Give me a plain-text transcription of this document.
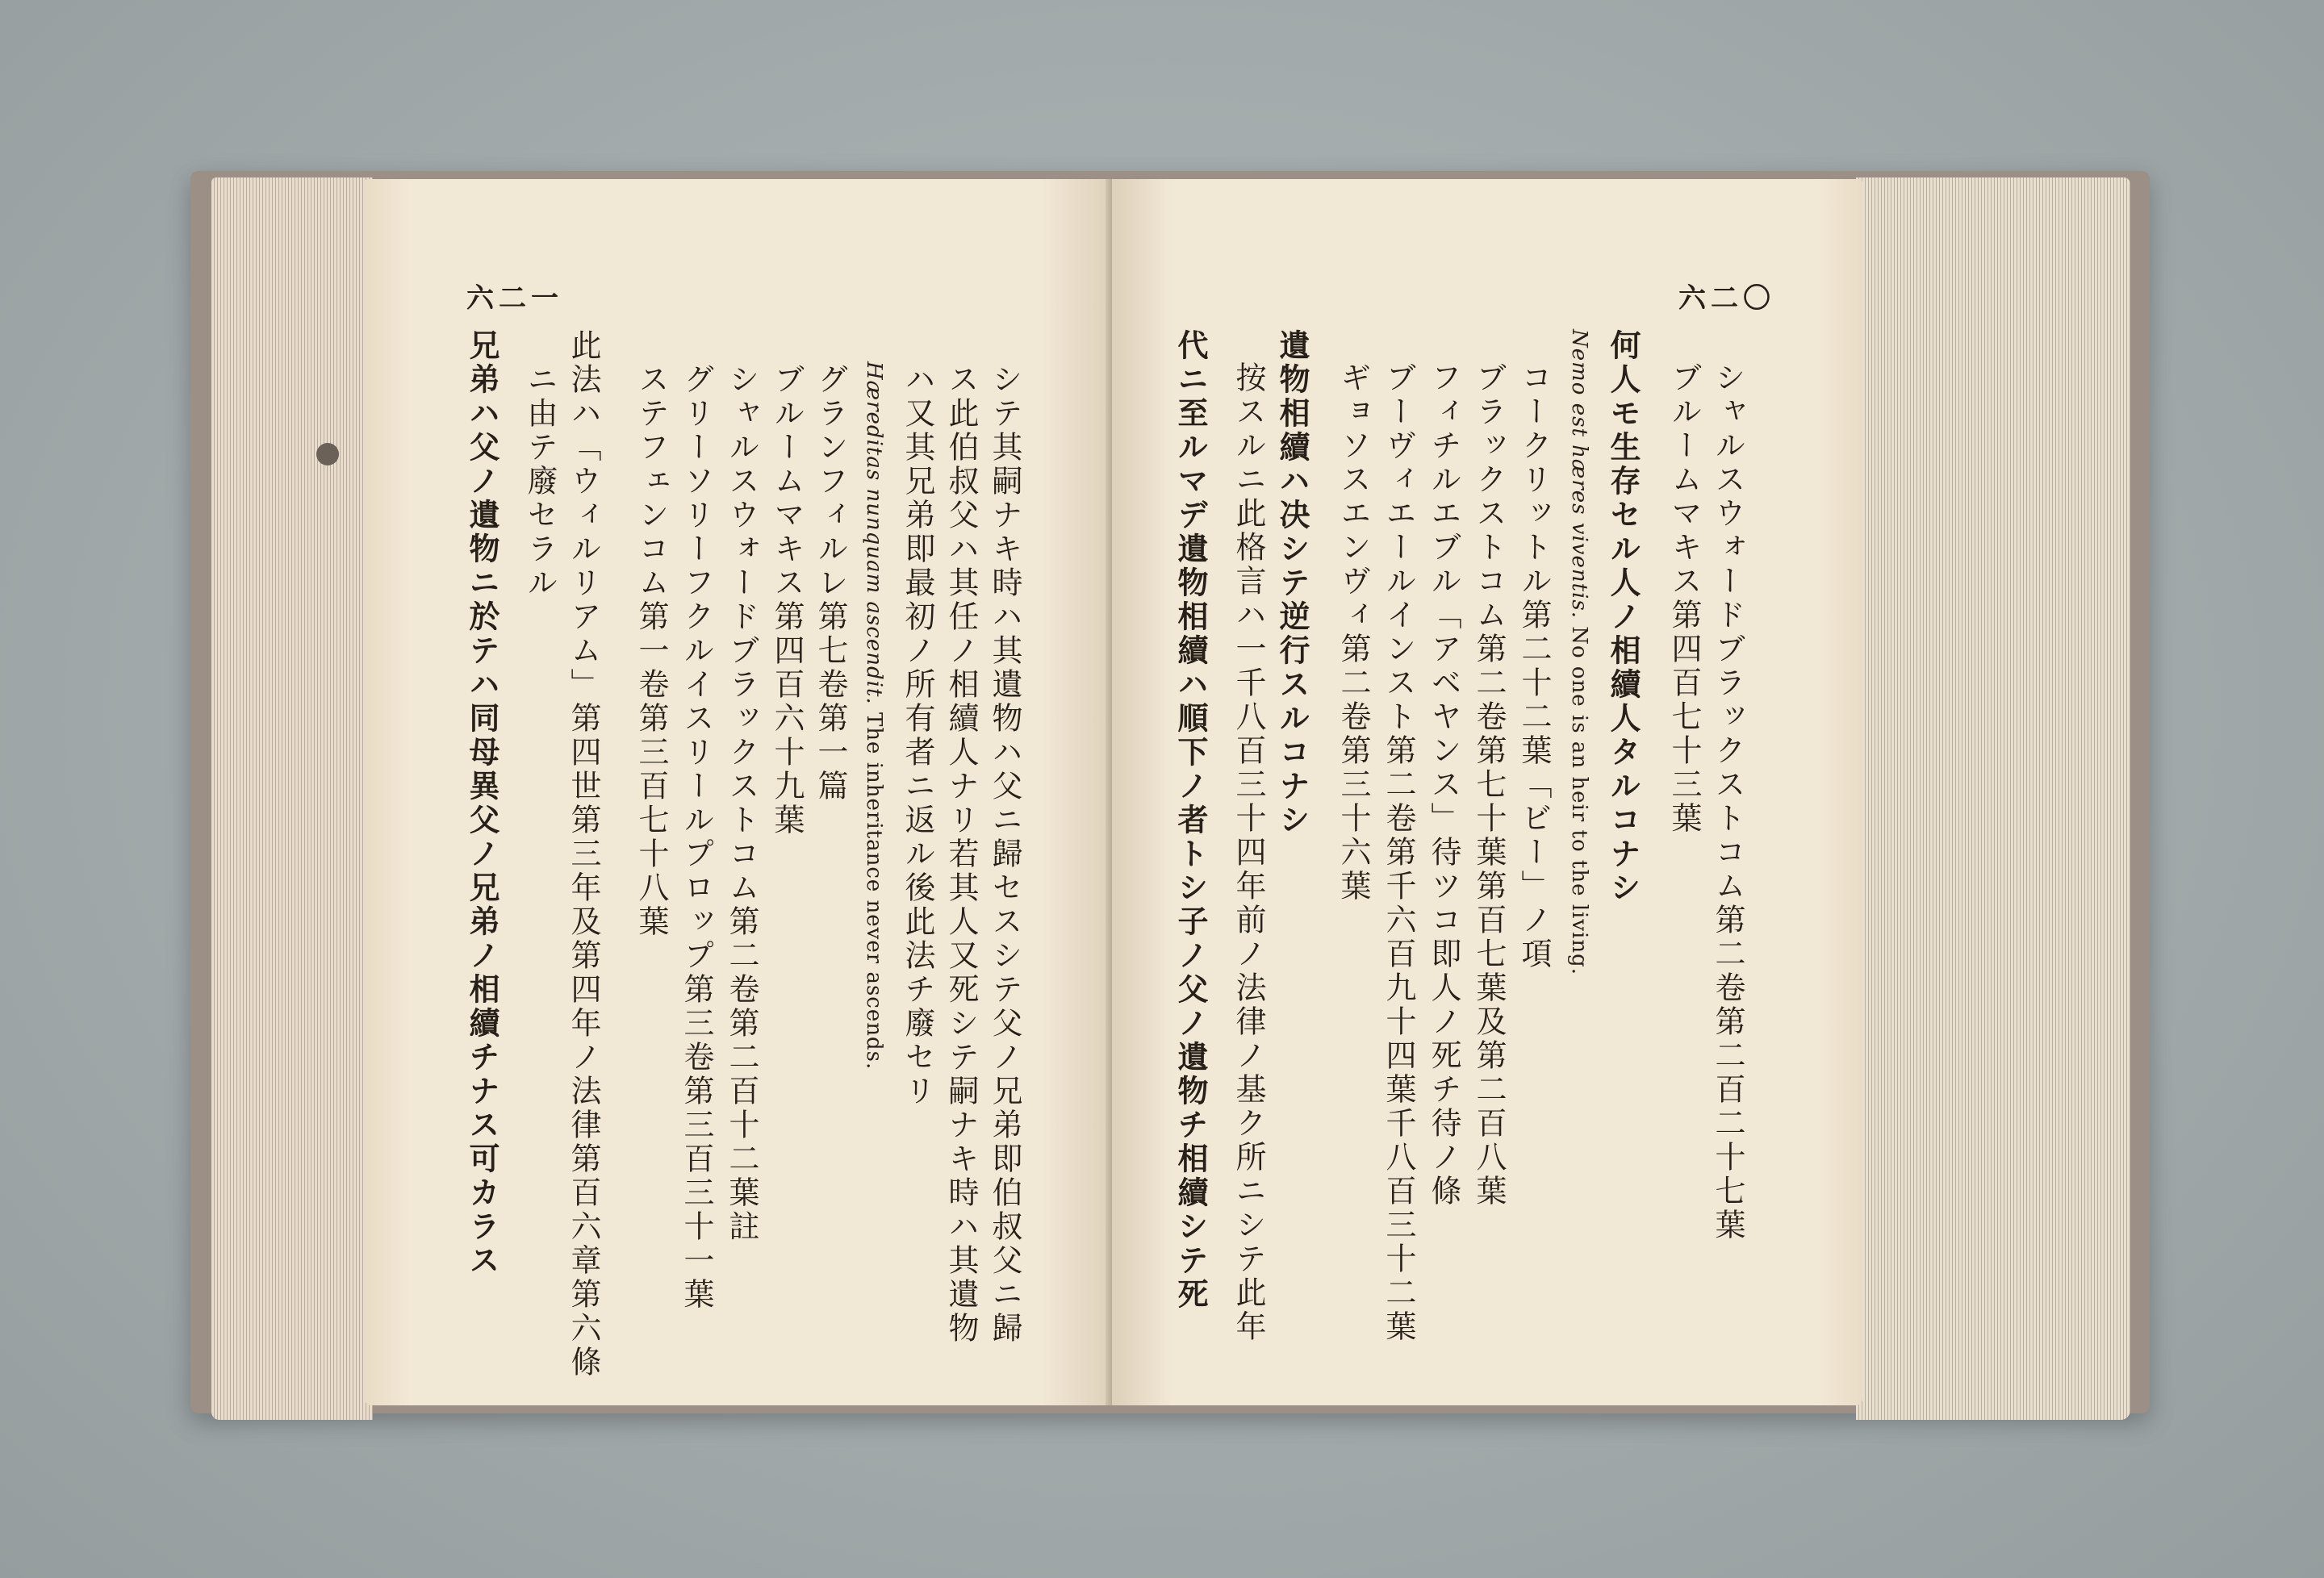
六二一
シテ其嗣ナキ時ハ其遺物ハ父ニ歸セスシテ父ノ兄弟即伯叔父ニ歸
ス此伯叔父ハ其任ノ相續人ナリ若其人又死シテ嗣ナキ時ハ其遺物
ハ又其兄弟即最初ノ所有者ニ返ル後此法チ廢セリ
Hæreditas nunquam ascendit. The inheritance never ascends.
グランフィルレ第七卷第一篇
ブルームマキス第四百六十九葉
シャルスウォードブラックストコム第二卷第二百十二葉註
グリーソリーフクルイスリールプロップ第三卷第三百三十一葉
ステフェンコム第一卷第三百七十八葉
此法ハ「ウィルリアム」第四世第三年及第四年ノ法律第百六章第六條
ニ由テ廢セラル
兄弟ハ父ノ遺物ニ於テハ同母異父ノ兄弟ノ相續チナス可カラス
六二〇
シャルスウォードブラックストコム第二卷第二百二十七葉
ブルームマキス第四百七十三葉
何人モ生存セル人ノ相續人タルコナシ
Nemo est hæres viventis. No one is an heir to the living.
コークリットル第二十二葉「ビー」ノ項
ブラックストコム第二卷第七十葉第百七葉及第二百八葉
フィチルエブル「アベヤンス」待ツコ即人ノ死チ待ノ條
ブーヴィエールインスト第二卷第千六百九十四葉千八百三十二葉
ギョソスエンヴィ第二卷第三十六葉
遺物相續ハ决シテ逆行スルコナシ
按スルニ此格言ハ一千八百三十四年前ノ法律ノ基ク所ニシテ此年
代ニ至ルマデ遺物相續ハ順下ノ者トシ子ノ父ノ遺物チ相續シテ死
